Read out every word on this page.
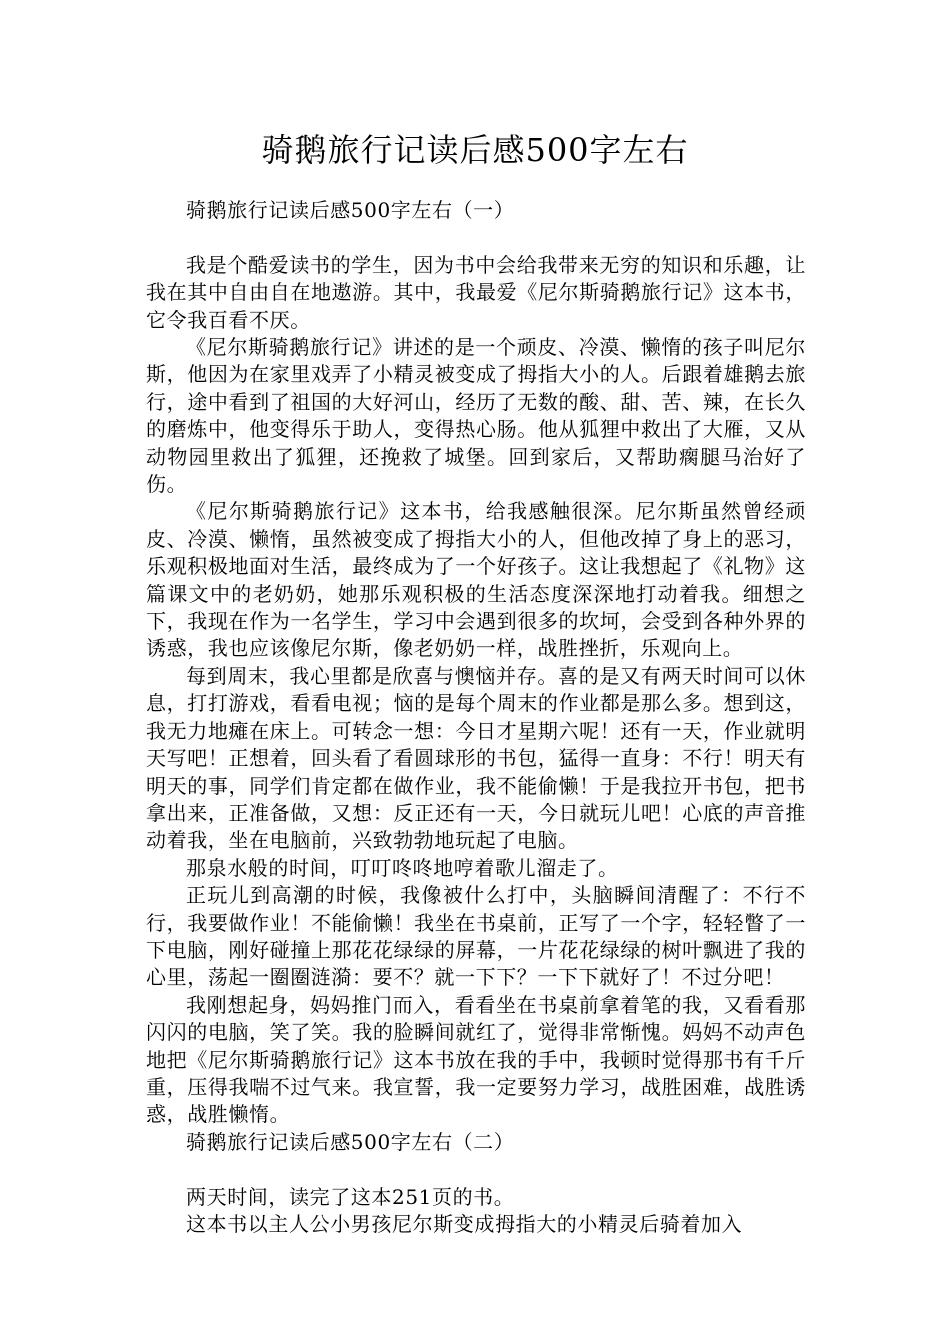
骑鹅旅行记读后感500字左右

骑鹅旅行记读后感500字左右（一）

我是个酷爱读书的学生，因为书中会给我带来无穷的知识和乐趣，让我在其中自由自在地遨游。其中，我最爱《尼尔斯骑鹅旅行记》这本书，它令我百看不厌。

《尼尔斯骑鹅旅行记》讲述的是一个顽皮、冷漠、懒惰的孩子叫尼尔斯，他因为在家里戏弄了小精灵被变成了拇指大小的人。后跟着雄鹅去旅行，途中看到了祖国的大好河山，经历了无数的酸、甜、苦、辣，在长久的磨炼中，他变得乐于助人，变得热心肠。他从狐狸中救出了大雁，又从动物园里救出了狐狸，还挽救了城堡。回到家后，又帮助瘸腿马治好了伤。

《尼尔斯骑鹅旅行记》这本书，给我感触很深。尼尔斯虽然曾经顽皮、冷漠、懒惰，虽然被变成了拇指大小的人，但他改掉了身上的恶习，乐观积极地面对生活，最终成为了一个好孩子。这让我想起了《礼物》这篇课文中的老奶奶，她那乐观积极的生活态度深深地打动着我。细想之下，我现在作为一名学生，学习中会遇到很多的坎坷，会受到各种外界的诱惑，我也应该像尼尔斯，像老奶奶一样，战胜挫折，乐观向上。

每到周末，我心里都是欣喜与懊恼并存。喜的是又有两天时间可以休息，打打游戏，看看电视；恼的是每个周末的作业都是那么多。想到这，我无力地瘫在床上。可转念一想：今日才星期六呢！还有一天，作业就明天写吧！正想着，回头看了看圆球形的书包，猛得一直身：不行！明天有明天的事，同学们肯定都在做作业，我不能偷懒！于是我拉开书包，把书拿出来，正准备做，又想：反正还有一天，今日就玩儿吧！心底的声音推动着我，坐在电脑前，兴致勃勃地玩起了电脑。

那泉水般的时间，叮叮咚咚地哼着歌儿溜走了。

正玩儿到高潮的时候，我像被什么打中，头脑瞬间清醒了：不行不行，我要做作业！不能偷懒！我坐在书桌前，正写了一个字，轻轻瞥了一下电脑，刚好碰撞上那花花绿绿的屏幕，一片花花绿绿的树叶飘进了我的心里，荡起一圈圈涟漪：要不？就一下下？一下下就好了！不过分吧！

我刚想起身，妈妈推门而入，看看坐在书桌前拿着笔的我，又看看那闪闪的电脑，笑了笑。我的脸瞬间就红了，觉得非常惭愧。妈妈不动声色地把《尼尔斯骑鹅旅行记》这本书放在我的手中，我顿时觉得那书有千斤重，压得我喘不过气来。我宣誓，我一定要努力学习，战胜困难，战胜诱惑，战胜懒惰。

骑鹅旅行记读后感500字左右（二）

两天时间，读完了这本251页的书。

这本书以主人公小男孩尼尔斯变成拇指大的小精灵后骑着加入
